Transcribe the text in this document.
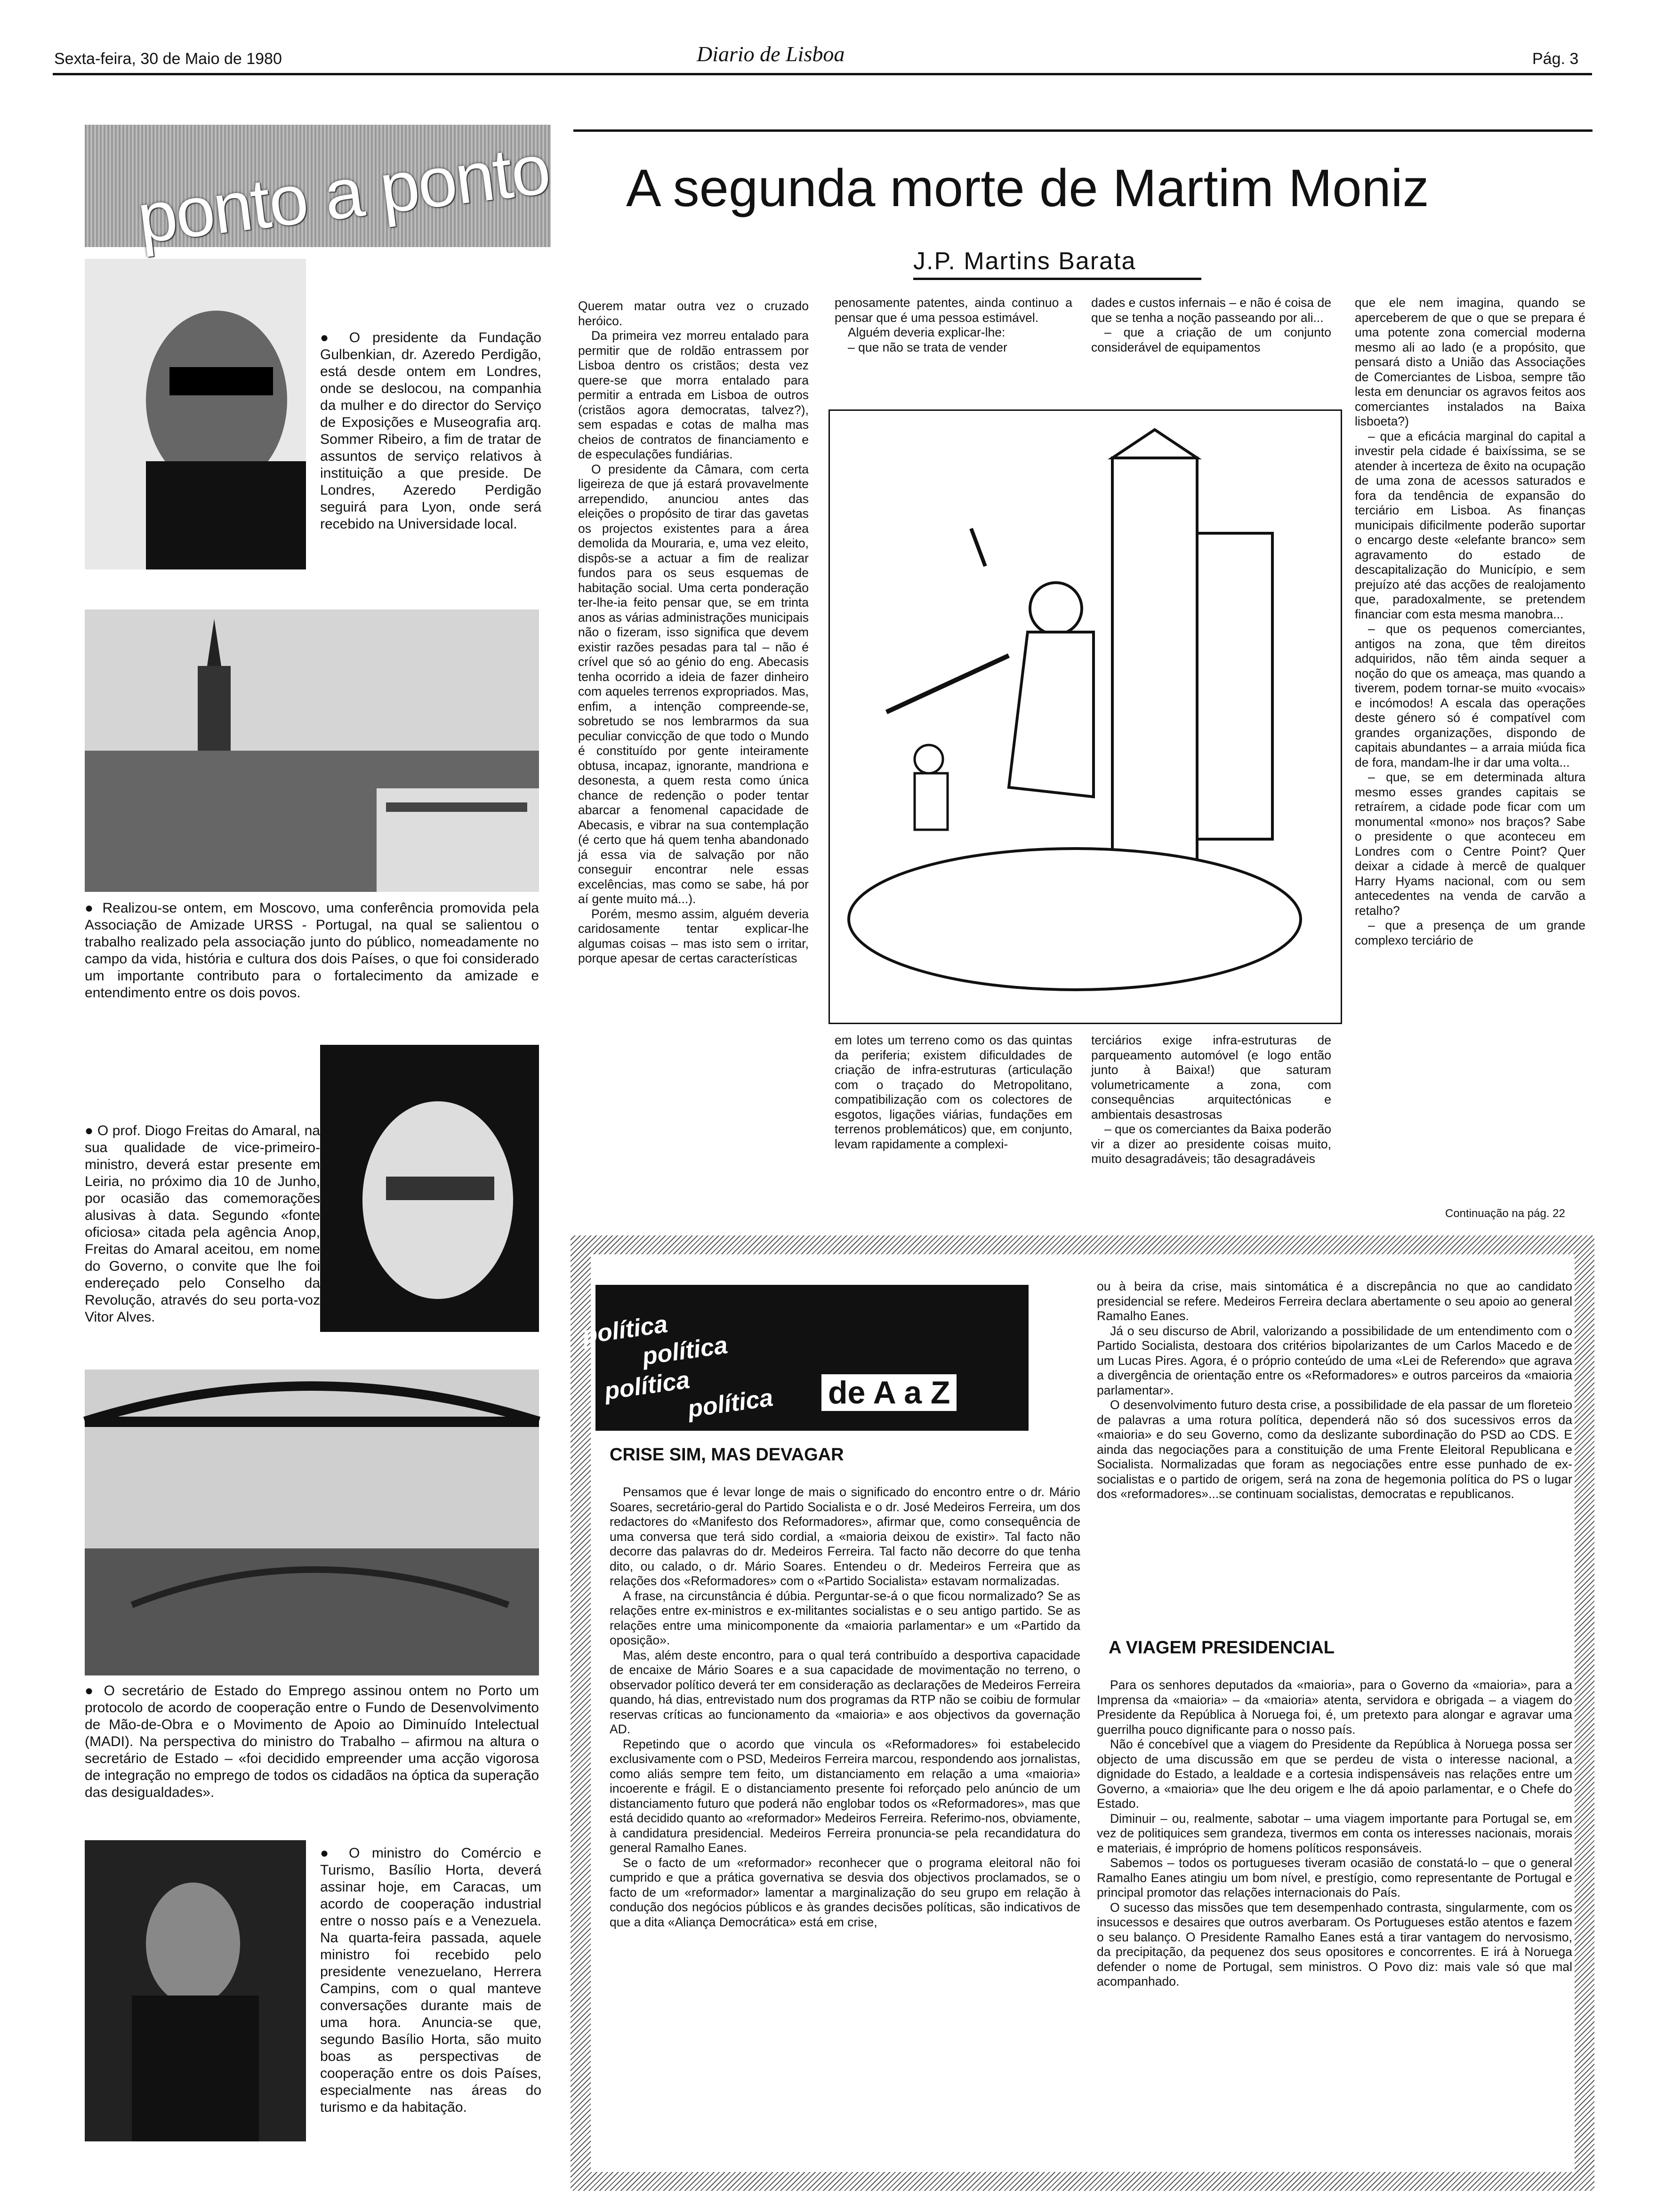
Sexta-feira, 30 de Maio de 1980	Diario de Lisboa	Pág. 3
ponto a ponto
● O presidente da Fundação Gulbenkian, dr. Azeredo Perdigão, está desde ontem em Londres, onde se deslocou, na companhia da mulher e do director do Serviço de Exposições e Museografia arq. Sommer Ribeiro, a fim de tratar de assuntos de serviço relativos à instituição a que preside. De Londres, Azeredo Perdigão seguirá para Lyon, onde será recebido na Universidade local.
● Realizou-se ontem, em Moscovo, uma conferência promovida pela Associação de Amizade URSS - Portugal, na qual se salientou o trabalho realizado pela associação junto do público, nomeadamente no campo da vida, história e cultura dos dois Países, o que foi considerado um importante contributo para o fortalecimento da amizade e entendimento entre os dois povos.
● O prof. Diogo Freitas do Amaral, na sua qualidade de vice-primeiro-ministro, deverá estar presente em Leiria, no próximo dia 10 de Junho, por ocasião das comemorações alusivas à data. Segundo «fonte oficiosa» citada pela agência Anop, Freitas do Amaral aceitou, em nome do Governo, o convite que lhe foi endereçado pelo Conselho da Revolução, através do seu porta-voz Vitor Alves.
● O secretário de Estado do Emprego assinou ontem no Porto um protocolo de acordo de cooperação entre o Fundo de Desenvolvimento de Mão-de-Obra e o Movimento de Apoio ao Diminuído Intelectual (MADI). Na perspectiva do ministro do Trabalho – afirmou na altura o secretário de Estado – «foi decidido empreender uma acção vigorosa de integração no emprego de todos os cidadãos na óptica da superação das desigualdades».
● O ministro do Comércio e Turismo, Basílio Horta, deverá assinar hoje, em Caracas, um acordo de cooperação industrial entre o nosso país e a Venezuela. Na quarta-feira passada, aquele ministro foi recebido pelo presidente venezuelano, Herrera Campins, com o qual manteve conversações durante mais de uma hora. Anuncia-se que, segundo Basílio Horta, são muito boas as perspectivas de cooperação entre os dois Países, especialmente nas áreas do turismo e da habitação.
A segunda morte de Martim Moniz
J.P. Martins Barata

Querem matar outra vez o cruzado heróico.

Da primeira vez morreu entalado para permitir que de roldão entrassem por Lisboa dentro os cristãos; desta vez quere-se que morra entalado para permitir a entrada em Lisboa de outros (cristãos agora democratas, talvez?), sem espadas e cotas de malha mas cheios de contratos de financiamento e de especulações fundiárias.

O presidente da Câmara, com certa ligeireza de que já estará provavelmente arrependido, anunciou antes das eleições o propósito de tirar das gavetas os projectos existentes para a área demolida da Mouraria, e, uma vez eleito, dispôs-se a actuar a fim de realizar fundos para os seus esquemas de habitação social. Uma certa ponderação ter-lhe-ia feito pensar que, se em trinta anos as várias administrações municipais não o fizeram, isso significa que devem existir razões pesadas para tal – não é crível que só ao génio do eng. Abecasis tenha ocorrido a ideia de fazer dinheiro com aqueles terrenos expropriados. Mas, enfim, a intenção compreende-se, sobretudo se nos lembrarmos da sua peculiar convicção de que todo o Mundo é constituído por gente inteiramente obtusa, incapaz, ignorante, mandriona e desonesta, a quem resta como única chance de redenção o poder tentar abarcar a fenomenal capacidade de Abecasis, e vibrar na sua contemplação (é certo que há quem tenha abandonado já essa via de salvação por não conseguir encontrar nele essas excelências, mas como se sabe, há por aí gente muito má...).

Porém, mesmo assim, alguém deveria caridosamente tentar explicar-lhe algumas coisas – mas isto sem o irritar, porque apesar de certas características

penosamente patentes, ainda continuo a pensar que é uma pessoa estimável.

Alguém deveria explicar-lhe:

– que não se trata de vender

dades e custos infernais – e não é coisa de que se tenha a noção passeando por ali...

– que a criação de um conjunto considerável de equipamentos

em lotes um terreno como os das quintas da periferia; existem dificuldades de criação de infra-estruturas (articulação com o traçado do Metropolitano, compatibilização com os colectores de esgotos, ligações viárias, fundações em terrenos problemáticos) que, em conjunto, levam rapidamente a complexi-

terciários exige infra-estruturas de parqueamento automóvel (e logo então junto à Baixa!) que saturam volumetricamente a zona, com consequências arquitectónicas e ambientais desastrosas

– que os comerciantes da Baixa poderão vir a dizer ao presidente coisas muito, muito desagradáveis; tão desagradáveis

que ele nem imagina, quando se aperceberem de que o que se prepara é uma potente zona comercial moderna mesmo ali ao lado (e a propósito, que pensará disto a União das Associações de Comerciantes de Lisboa, sempre tão lesta em denunciar os agravos feitos aos comerciantes instalados na Baixa lisboeta?)

– que a eficácia marginal do capital a investir pela cidade é baixíssima, se se atender à incerteza de êxito na ocupação de uma zona de acessos saturados e fora da tendência de expansão do terciário em Lisboa. As finanças municipais dificilmente poderão suportar o encargo deste «elefante branco» sem agravamento do estado de descapitalização do Município, e sem prejuízo até das acções de realojamento que, paradoxalmente, se pretendem financiar com esta mesma manobra...

– que os pequenos comerciantes, antigos na zona, que têm direitos adquiridos, não têm ainda sequer a noção do que os ameaça, mas quando a tiverem, podem tornar-se muito «vocais» e incómodos! A escala das operações deste género só é compatível com grandes organizações, dispondo de capitais abundantes – a arraia miúda fica de fora, mandam-lhe ir dar uma volta...

– que, se em determinada altura mesmo esses grandes capitais se retraírem, a cidade pode ficar com um monumental «mono» nos braços? Sabe o presidente o que aconteceu em Londres com o Centre Point? Quer deixar a cidade à mercê de qualquer Harry Hyams nacional, com ou sem antecedentes na venda de carvão a retalho?

– que a presença de um grande complexo terciário de

Continuação na pág. 22
política
política
política
política	de A a Z
CRISE SIM, MAS DEVAGAR

Pensamos que é levar longe de mais o significado do encontro entre o dr. Mário Soares, secretário-geral do Partido Socialista e o dr. José Medeiros Ferreira, um dos redactores do «Manifesto dos Reformadores», afirmar que, como consequência de uma conversa que terá sido cordial, a «maioria deixou de existir». Tal facto não decorre das palavras do dr. Medeiros Ferreira. Tal facto não decorre do que tenha dito, ou calado, o dr. Mário Soares. Entendeu o dr. Medeiros Ferreira que as relações dos «Reformadores» com o «Partido Socialista» estavam normalizadas.

A frase, na circunstância é dúbia. Perguntar-se-á o que ficou normalizado? Se as relações entre ex-ministros e ex-militantes socialistas e o seu antigo partido. Se as relações entre uma minicomponente da «maioria parlamentar» e um «Partido da oposição».

Mas, além deste encontro, para o qual terá contribuído a desportiva capacidade de encaixe de Mário Soares e a sua capacidade de movimentação no terreno, o observador político deverá ter em consideração as declarações de Medeiros Ferreira quando, há dias, entrevistado num dos programas da RTP não se coibiu de formular reservas críticas ao funcionamento da «maioria» e aos objectivos da governação AD.

Repetindo que o acordo que vincula os «Reformadores» foi estabelecido exclusivamente com o PSD, Medeiros Ferreira marcou, respondendo aos jornalistas, como aliás sempre tem feito, um distanciamento em relação a uma «maioria» incoerente e frágil. E o distanciamento presente foi reforçado pelo anúncio de um distanciamento futuro que poderá não englobar todos os «Reformadores», mas que está decidido quanto ao «reformador» Medeiros Ferreira. Referimo-nos, obviamente, à candidatura presidencial. Medeiros Ferreira pronuncia-se pela recandidatura do general Ramalho Eanes.

Se o facto de um «reformador» reconhecer que o programa eleitoral não foi cumprido e que a prática governativa se desvia dos objectivos proclamados, se o facto de um «reformador» lamentar a marginalização do seu grupo em relação à condução dos negócios públicos e às grandes decisões políticas, são indicativos de que a dita «Aliança Democrática» está em crise,

ou à beira da crise, mais sintomática é a discrepância no que ao candidato presidencial se refere. Medeiros Ferreira declara abertamente o seu apoio ao general Ramalho Eanes.

Já o seu discurso de Abril, valorizando a possibilidade de um entendimento com o Partido Socialista, destoara dos critérios bipolarizantes de um Carlos Macedo e de um Lucas Pires. Agora, é o próprio conteúdo de uma «Lei de Referendo» que agrava a divergência de orientação entre os «Reformadores» e outros parceiros da «maioria parlamentar».

O desenvolvimento futuro desta crise, a possibilidade de ela passar de um floreteio de palavras a uma rotura política, dependerá não só dos sucessivos erros da «maioria» e do seu Governo, como da deslizante subordinação do PSD ao CDS. E ainda das negociações para a constituição de uma Frente Eleitoral Republicana e Socialista. Normalizadas que foram as negociações entre esse punhado de ex-socialistas e o partido de origem, será na zona de hegemonia política do PS o lugar dos «reformadores»...se continuam socialistas, democratas e republicanos.

A VIAGEM PRESIDENCIAL

Para os senhores deputados da «maioria», para o Governo da «maioria», para a Imprensa da «maioria» – da «maioria» atenta, servidora e obrigada – a viagem do Presidente da República à Noruega foi, é, um pretexto para alongar e agravar uma guerrilha pouco dignificante para o nosso país.

Não é concebível que a viagem do Presidente da República à Noruega possa ser objecto de uma discussão em que se perdeu de vista o interesse nacional, a dignidade do Estado, a lealdade e a cortesia indispensáveis nas relações entre um Governo, a «maioria» que lhe deu origem e lhe dá apoio parlamentar, e o Chefe do Estado.

Diminuir – ou, realmente, sabotar – uma viagem importante para Portugal se, em vez de politiquices sem grandeza, tivermos em conta os interesses nacionais, morais e materiais, é impróprio de homens políticos responsáveis.

Sabemos – todos os portugueses tiveram ocasião de constatá-lo – que o general Ramalho Eanes atingiu um bom nível, e prestígio, como representante de Portugal e principal promotor das relações internacionais do País.

O sucesso das missões que tem desempenhado contrasta, singularmente, com os insucessos e desaires que outros averbaram. Os Portugueses estão atentos e fazem o seu balanço. O Presidente Ramalho Eanes está a tirar vantagem do nervosismo, da precipitação, da pequenez dos seus opositores e concorrentes. E irá à Noruega defender o nome de Portugal, sem ministros. O Povo diz: mais vale só que mal acompanhado.
